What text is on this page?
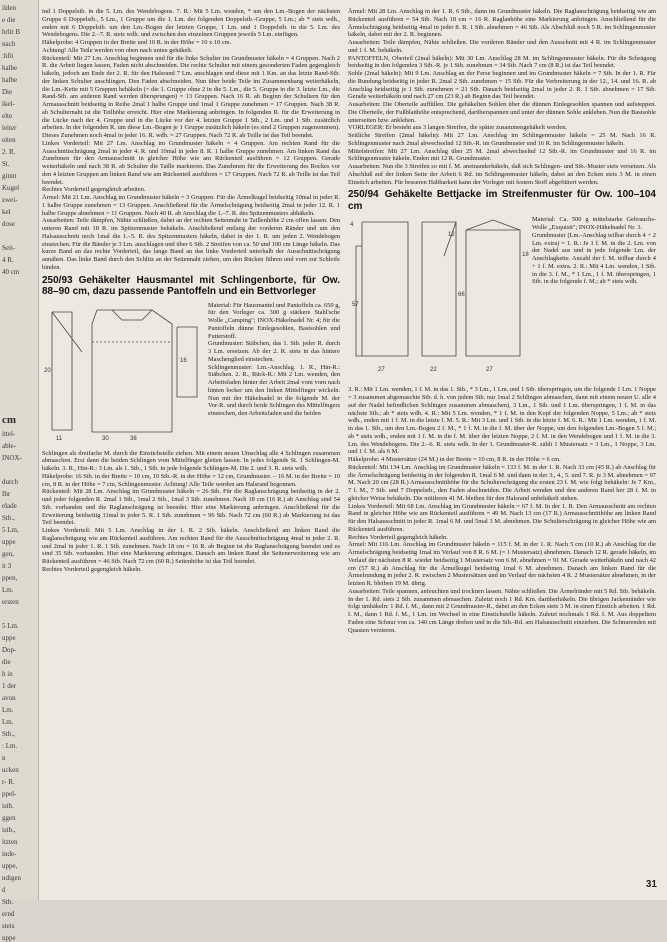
ilden
e die
hrlit B
nach
:hfö
halbe
halbe
Die
ikel-
elte
leiter
eiten
2. R.
St.
ginnt
Kugel
zwei-
kel
dose
Seit-
4 R.
40 cm
cm
ittel-
able-
INOX-
durch
Ihr
elade
Stb.,
5 Lm,
uppe
gen,
it 3
ppen,
Lm.
ersten
5 Lm.
uppe
Dop-
die
h in
1 der
avon
Lm.
Lm.
Stb.,
: Lm.
n
ucken
r- R.
ppel-
istb.
ggen
istb.,
itzten
inde-
uppe,
ndigen
d
Stb.
ernd
stets
uppe

ind 1 Doppelstb. in die 5. Lm. des Wendebogens. 7. R.: Mit 5 Lm. wenden, * um den Lm.-Bogen der nächsten Gruppe 6 Doppelstb., 5 Lm., 1 Gruppe um die 1. Lm. der folgenden Doppelstb.-Gruppe, 5 Lm.; ab * stets wdh., enden mit 6 Doppelstb. um den Lm.-Bogen der letzten Gruppe, 1 Lm. und 1 Doppelstb. in die 5. Lm. des Wendebogens. Die 2.–7. R. stets wdh. und zwischen den einzelnen Gruppen jeweils 5 Lm. einfügen.

Häkelprobe: 4 Gruppen in der Breite und 10 R. in der Höhe = 10 x 10 cm.

Achtung! Alle Teile werden von oben nach unten gehäkelt.

Rückenteil: Mit 27 Lm. Anschlag beginnen und für die linke Schulter im Grundmuster häkeln = 4 Gruppen. Nach 2 R. die Arbeit liegen lassen, Faden nicht abschneiden. Die rechte Schulter mit einem gesonderten Faden gegengleich häkeln, jedoch am Ende der 2. R. für den Halsrand 7 Lm. anschlagen und diese mit 1 Km. an das letzte Rand-Stb. der linken Schulter anschlingen. Den Faden abschneiden. Nun über beide Teile im Zusammenhang weiterhäkeln, die Lm.-Kette mit 5 Gruppen behäkeln (= die 1. Gruppe ohne 2 in die 5. Lm., die 5. Gruppe in die 3. letzte Lm., die Rand-Stb. am anderen Rand werden übersprungen) = 13 Gruppen. Nach 16 R. ab Beginn der Schultern für den Armausschnitt beidseitig in Reihe 2mal 1 halbe Gruppe und 1mal 1 Gruppe zunehmen = 17 Gruppen. Nach 38 R. ab Schulternaht ist die Teilhöhe erreicht. Hier eine Markierung anbringen. In folgenden R. für die Erweiterung in die Lücke nach der 4. Gruppe und in die Lücke vor der 4. letzten Gruppe 1 Stb., 2 Lm. und 1 Stb. zusätzlich arbeiten. In der folgenden R. um diese Lm.-Bogen je 1 Gruppe zusätzlich häkeln (es sind 2 Gruppen zugenommen). Dieses Zunehmen noch 4mal in jeder 16. R. wdh. = 27 Gruppen. Nach 72 R. ab Teille ist das Teil beendet.

Linkes Vorderteil: Mit 27 Lm. Anschlag im Grundmuster häkeln = 4 Gruppen. Am rechten Rand für die Ausschnittschrägung 2mal in jeder 4. R. und 10mal in jeder 8. R. 1 halbe Gruppe zunehmen. Am linken Rand das Zunehmen für den Armausschnitt in gleicher Höhe wie am Rückenteil ausführen = 12 Gruppen. Gerade weiterhäkeln und nach 38 R. ab Schulter die Taille markieren. Das Zunehmen für die Erweiterung des Rockes vor den 4 letzten Gruppen am linken Rand wie am Rückenteil ausführen = 17 Gruppen. Nach 72 R. ab Teille ist das Teil beendet.

Rechtes Vorderteil gegengleich arbeiten.

Ärmel: Mit 21 Lm. Anschlag im Grundmuster häkeln = 3 Gruppen. Für die Ärmelkugel beidseitig 10mal in jeder R. 1 halbe Gruppe zunehmen = 13 Gruppen. Anschließend für die Ärmelschrägung beidseitig 2mal in jeder 12. R. 1 halbe Gruppe abnehmen = 11 Gruppen. Nach 40 R. ab Anschlag die 1.–7. R. des Spitzenmusters abhäkeln.

Ausarbeiten: Teile dämpfen, Nähte schließen, dabei an der rechten Seitennaht in Taillenhöhe 2 cm offen lassen. Den unteren Rand mit 18 R. im Spitzenmuster behäkeln. Anschließend entlang der vorderen Ränder und um den Halsausschnitt noch 1mal die 1.–5. R. des Spitzenmusters häkeln, dabei in der 1. R. um jeden 2. Wendebogen einstechen. Für die Bänder je 3 Lm. anschlagen und über 6 Stb. 2 Streifen von ca. 50 und 100 cm Länge häkeln. Das kurze Band an das rechte Vorderteil, das lange Band an das linke Vorderteil unterhalb der Ausschnittschrägung annähen. Das linke Band durch den Schlitz an der Seitennaht ziehen, um den Rücken führen und vorn zur Schleife binden.

250/93 Gehäkelter Hausmantel mit Schlingenborte, für Ow. 88–90 cm, dazu passende Pantoffeln und ein Bettvorleger
30
20
11
16
38

Material: Für Hausmantel und Pantoffeln ca. 650 g, für den Vorleger ca. 300 g stärkere Stahl'sche Wolle „Camping"; INOX-Häkelnadel Nr. 4; für die Pantoffeln dünne Einlegesohlen, Bastsohlen und Futterstoff.

Grundmuster: Stäbchen, das 1. Stb. jeder R. durch 3 Lm. ersetzen. Ab der 2. R. stets in das hintere Maschenglied einstechen.

Schlingenmuster: Lm.-Anschlag. 1. R., Hin-R.: Stäbchen. 2. R., Rück-R.: Mit 2 Lm. wenden, den Arbeitsfaden hinter der Arbeit 2mal vom vorn nach hinten locker um den linken Mittelfinger wickeln. Nun mit der Häkelnadel in die folgende M. der Vor-R. und durch beide Schlingen des Mittelfingers einstechen, den Arbeitsfaden und die beiden

Schlingen als dreifache M. durch die Einstichstelle ziehen. Mit einem neuen Umschlag alle 4 Schlingen zusammen abmaschen. Erst dann die beiden Schlingen vom Mittelfinger gleiten lassen. In jedes folgende St. 1 Schlingen-M. häkeln. 3. R., Hin-R.: 3 Lm. als 1. Stb., 1 Stb. in jede folgende Schlingen-M. Die 2. und 3. R. stets wdh.

Häkelprobe: 16 Stb. in der Breite = 10 cm, 10 Stb.-R. in der Höhe = 12 cm, Grundmuster. – 16 M. in der Breite = 10 cm, 8 R. in der Höhe = 7 cm, Schlingenmuster. Achtung! Alle Teile werden am Halsrand begonnen.

Rückenteil: Mit 28 Lm. Anschlag im Grundmuster häkeln = 26 Stb. Für die Raglanschrägung beidseitig in der 2. und jeder folgenden R. 2mal 1 Stb., 1mal 2 Stb., 1mal 3 Stb. zunehmen. Nach 18 cm (16 R.) ab Anschlag sind 54 Stb. vorhanden und die Raglanschrägung ist beendet. Hier eine Markierung anbringen. Anschließend für die Erweiterung beidseitig 11mal in jeder 5. R. 1 Stb. zunehmen = 96 Stb. Nach 72 cm (60 R.) ab Markierung ist das Teil beendet.

Linkes Vorderteil: Mit 5 Lm. Anschlag in der 1. R. 2 Stb. häkeln. Anschließend am linken Rand die Raglanschrägung wie am Rückenteil ausführen. Am rechten Rand für die Ausschnittschrägung 4mal in jeder 2. R. und 2mal in jeder 1. R. 1 Stb. zunehmen. Nach 18 cm = 16 R. ab Beginn ist die Raglanschrägung beendet und es sind 35 Stb. vorhanden. Hier eine Markierung anbringen. Danach am linken Rand die Seitenerweiterung wie am Rückenteil ausführen = 46 Stb. Nach 72 cm (60 R.) Seitenhöhe ist das Teil beendet.

Rechtes Vorderteil gegengleich häkeln.

Ärmel: Mit 28 Lm. Anschlag in der 1. R. 6 Stb., dann im Grundmuster häkeln. Die Raglanschrägung beidseitig wie am Rückenteil ausführen = 54 Stb. Nach 18 cm = 16 R. Raglanhöhe eine Markierung anbringen. Anschließend für die Ärmelschrägung beidseitig 4mal in jeder 8. R. 1 Stb. abnehmen = 46 Stb. Als Abschluß noch 5 R. im Schlingenmuster häkeln, dabei mit der 2. R. beginnen.

Ausarbeiten: Teile dämpfen, Nähte schließen. Die vorderen Ränder und den Ausschnitt mit 4 R. im Schlingenmuster und 1 f. M. behäkeln.

PANTOFFELN, Oberteil (2mal häkeln): Mit 30 Lm. Anschlag 28 M. im Schlingenmuster häkeln. Für die Schrägung beidseitig in den folgenden 3 Stb.-R. je 1 Stb. zunehmen = 34 Stb. Nach 7 cm (8 R.) ist das Teil beendet.

Sohle (2mal häkeln): Mit 9 Lm. Anschlag an der Ferse beginnen und im Grundmuster häkeln = 7 Stb. In der 1. R. Für die Rundung beidseitig in jeder R. 2mal 2 Stb. zunehmen = 15 Stb. Für die Verbreiterung in der 12., 14. und 16. R. ab Anschlag beidseitig je 1 Stb. zunehmen = 21 Stb. Danach beidseitig 2mal in jeder 2. R. 1 Stb. abnehmen = 17 Stb. Gerade weiterhäkeln und nach 27 cm (23 R.) ab Beginn das Teil beendet.

Ausarbeiten: Die Oberteile auffüllen. Die gehäkelten Sohlen über die dünnen Einlegesohlen spannen und aufsteppen. Die Oberteile, der Fußblatthöhe entsprechend, darüberspannen und unter der dünnen Sohle ankleben. Nun die Bastsohle unterseiten bzw. ankleben.

VORLEGER: Er besteht aus 3 langen Streifen, die später zusammengehäkelt werden.

Seitliche Streifen (2mal häkeln): Mit 27 Lm. Anschlag im Schlingenmuster häkeln = 25 M. Nach 16 R. Schlingenmuster nach 2mal abwechselnd 12 Stb.-R. im Grundmuster und 16 R. im Schlingenmuster häkeln.

Mittelstreifen: Mit 27 Lm. Anschlag über 25 M. 2mal abwechselnd 12 Stb.-R. im Grundmuster und 16 R. im Schlingenmuster häkeln. Enden mit 12 R. Grundmuster.

Ausarbeiten: Nun die 3 Streifen so mit f. M. aneinanderhäkeln, daß sich Schlingen- und Stb.-Muster stets versetzen. Als Abschluß auf der linken Seite der Arbeit 6 Rd. im Schlingenmuster häkeln, dabei an den Ecken stets 3 M. in einen Einstich arbeiten. Für besseren Haltbarkeit kann der Vorleger mit festem Stoff abgefüttert werden.

250/94 Gehäkelte Bettjacke im Streifenmuster für Ow. 100–104 cm
4
57
27
66
22
12
27
18

Material: Ca. 500 g mittelstarke Gebrauchs-Wolle „Exquisit"; INOX-Häkelnadel Nr. 3.

Grundmuster (Lm.-Anschlag teilbar durch 4 + 2 Lm. extra) = 1. R.: Je 1 f. M. in die 2. Lm. von der Nadel aus und in jede folgende Lm. der Anschlagkette. Anzahl der f. M. teilbar durch 4 + 1 f. M. extra. 2. R.: Mit 4 Lm. wenden, 1 Stb. in die 3. f. M., * 1 Lm., 1 f. M. überspringen, 1 Stb. in die folgende f. M.; ab * stets wdh.

3. R.: Mit 1 Lm. wenden, 1 f. M. in das 1. Stb., * 3 Lm., 1 Lm. und 1 Stb. überspringen, um die folgende 1 Lm. 1 Noppe = 3 zusammen abgemaschte Stb. d. h. von jedem Stb. nur 1mal 2 Schlingen abmaschen, dann mit einem neuen U. alle 4 auf der Nadel befindlichen Schlingen zusammen abmaschen), 3 Lm., 1 Stb. und 1 Lm. überspringen, 1 f. M. in das nächste Stb.; ab * stets wdh. 4. R.: Mit 5 Lm. wenden, * 1 f. M. in den Kopf der folgenden Noppe, 5 Lm.; ab * stets wdh., enden mit 1 f. M. in die letzte f. M. 5. R.: Mit 3 Lm. und 1 Stb. in die letzte f. M. 6. R.: Mit 1 Lm. wenden, 1 f. M. in das 1. Stb., um den Lm.-Bogen 2 f. M., * 1 f. M. in die f. M. über der Noppe, um den folgenden Lm.-Bogen 5 f. M.; ab * stets wdh., enden mit 1 f. M. in die f. M. über der letzten Noppe, 2 f. M. in den Wendebogen und 1 f. M. in die 3. Lm. des Wendebogens. Die 2.–6. R. stets wdh. In der 1. Grundmuster-R. zählt 1 Mustersatz = 3 Lm., 1 Noppe, 3 Lm. und 1 f. M. als 6 M.

Häkelprobe: 4 Mustersätze (24 M.) in der Breite = 10 cm, 8 R. in der Höhe = 6 cm.

Rückenteil: Mit 134 Lm. Anschlag im Grundmuster häkeln = 133 f. M. in der 1. R. Nach 33 cm (45 R.) ab Anschlag für die Ärmelschrägung beidseitig in der folgenden R. 1mal 6 M. und dann in der 3., 4., 5. und 7. R. je 3 M. abnehmen = 97 M. Nach 20 cm (28 R.) Armausschnitthöhe für die Schulterschrägung die ersten 23 f. M. wie folgt behäkeln: Je 7 Km., 7 f. M., 7 Stb. und 7 Doppelstb., den Faden abschneiden. Die Arbeit wenden und den anderen Rand her 28 f. M. in gleicher Weise behäkeln. Die mittleren 41 M. bleiben für den Halsrand unbehäkelt stehen.

Linkes Vorderteil: Mit 68 Lm. Anschlag im Grundmuster häkeln = 67 f. M. In der 1. R. Den Armausschnitt am rechten Rand in gleicher Höhe wie am Rückenteil ausführen = 49 M. Nach 13 cm (17 R.) Armausschnitthöhe am linken Rand für den Halsausschnitt in jeder R. 1mal 6 M. und 5mal 3 M. abnehmen. Die Schulterschrägung in gleicher Höhe wie am Rückenteil ausführen.

Rechtes Vorderteil gegengleich häkeln.

Ärmel: Mit 116 Lm. Anschlag im Grundmuster häkeln = 115 f. M. in der 1. R. Nach 5 cm (10 R.) ab Anschlag für die Ärmelschrägung beidseitig 1mal im Verlauf von 8 R. 6 M. (= 1 Mustersatz) abnehmen. Danach 12 R. gerade häkeln, im Verlauf der nächsten 8 R. wieder beidseitig 1 Mustersatz von 6 M. abnehmen = 91 M. Gerade weiterhäkeln und nach 42 cm (57 R.) ab Anschlag für die Ärmelkugel beidseitig 1mal 6 M. abnehmen. Danach am linken Rand für die Ärmelrundung in jeder 2. R. zwischen 2 Mustersätzen und im Verlauf der nächsten 4 R. 2 Mustersätze abnehmen, in der letzten R. bleiben 19 M. übrig.

Ausarbeiten: Teile spannen, anfeuchten und trocknen lassen. Nähte schließen. Die Ärmelränder mit 5 Rd. Stb. behäkeln. In der 1. Rd. stets 2 Stb. zusammen abmaschen. Zuletzt noch 1 Rd. Km. darüberhäkeln. Die übrigen Jackenränder wie folgt umhäkeln: 1 Rd. f. M., dann mit 2 Grundmuster-R., dabei an den Ecken stets 3 M. in einen Einstich arbeiten. 1 Rd. f. M., dann 1 Rd. f. M., 1 Lm. im Wechsel in eine Einstichstelle häkeln. Zuletzt nochmals 1 Rd. f. M. Aus doppeltem Faden eine Schnur von ca. 140 cm Länge drehen und in die Stb.-Rd. am Halsausschnitt einziehen. Die Schnurenden mit Quasten verzieren.

31
